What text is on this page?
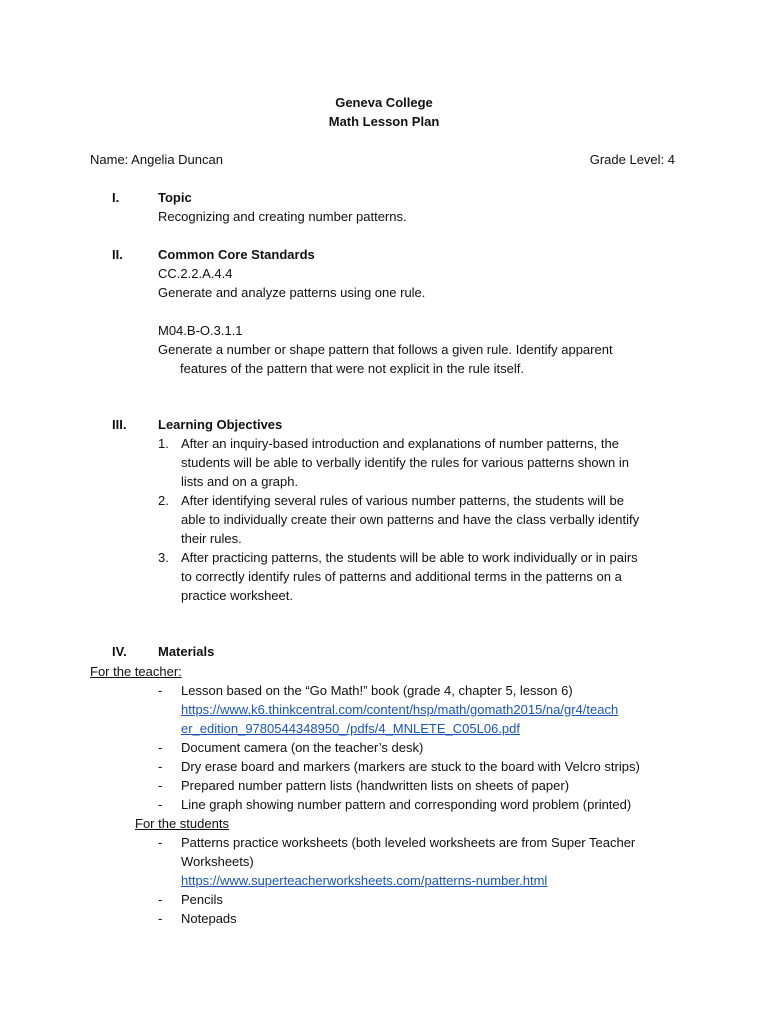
Geneva College
Math Lesson Plan
Name: Angelia Duncan	Grade Level: 4
I.	Topic
Recognizing and creating number patterns.
II.	Common Core Standards
CC.2.2.A.4.4
Generate and analyze patterns using one rule.
M04.B-O.3.1.1
Generate a number or shape pattern that follows a given rule. Identify apparent
features of the pattern that were not explicit in the rule itself.
III. Learning Objectives
1. After an inquiry-based introduction and explanations of number patterns, the
students will be able to verbally identify the rules for various patterns shown in
lists and on a graph.
2. After identifying several rules of various number patterns, the students will be
able to individually create their own patterns and have the class verbally identify
their rules.
3. After practicing patterns, the students will be able to work individually or in pairs
to correctly identify rules of patterns and additional terms in the patterns on a
practice worksheet.
IV. Materials
For the teacher:
- Lesson based on the “Go Math!” book (grade 4, chapter 5, lesson 6)
https://www.k6.thinkcentral.com/content/hsp/math/gomath2015/na/gr4/teach
er_edition_9780544348950_/pdfs/4_MNLETE_C05L06.pdf
- Document camera (on the teacher’s desk)
- Dry erase board and markers (markers are stuck to the board with Velcro strips)
- Prepared number pattern lists (handwritten lists on sheets of paper)
- Line graph showing number pattern and corresponding word problem (printed)
For the students
- Patterns practice worksheets (both leveled worksheets are from Super Teacher
Worksheets)
https://www.superteacherworksheets.com/patterns-number.html
- Pencils
- Notepads
